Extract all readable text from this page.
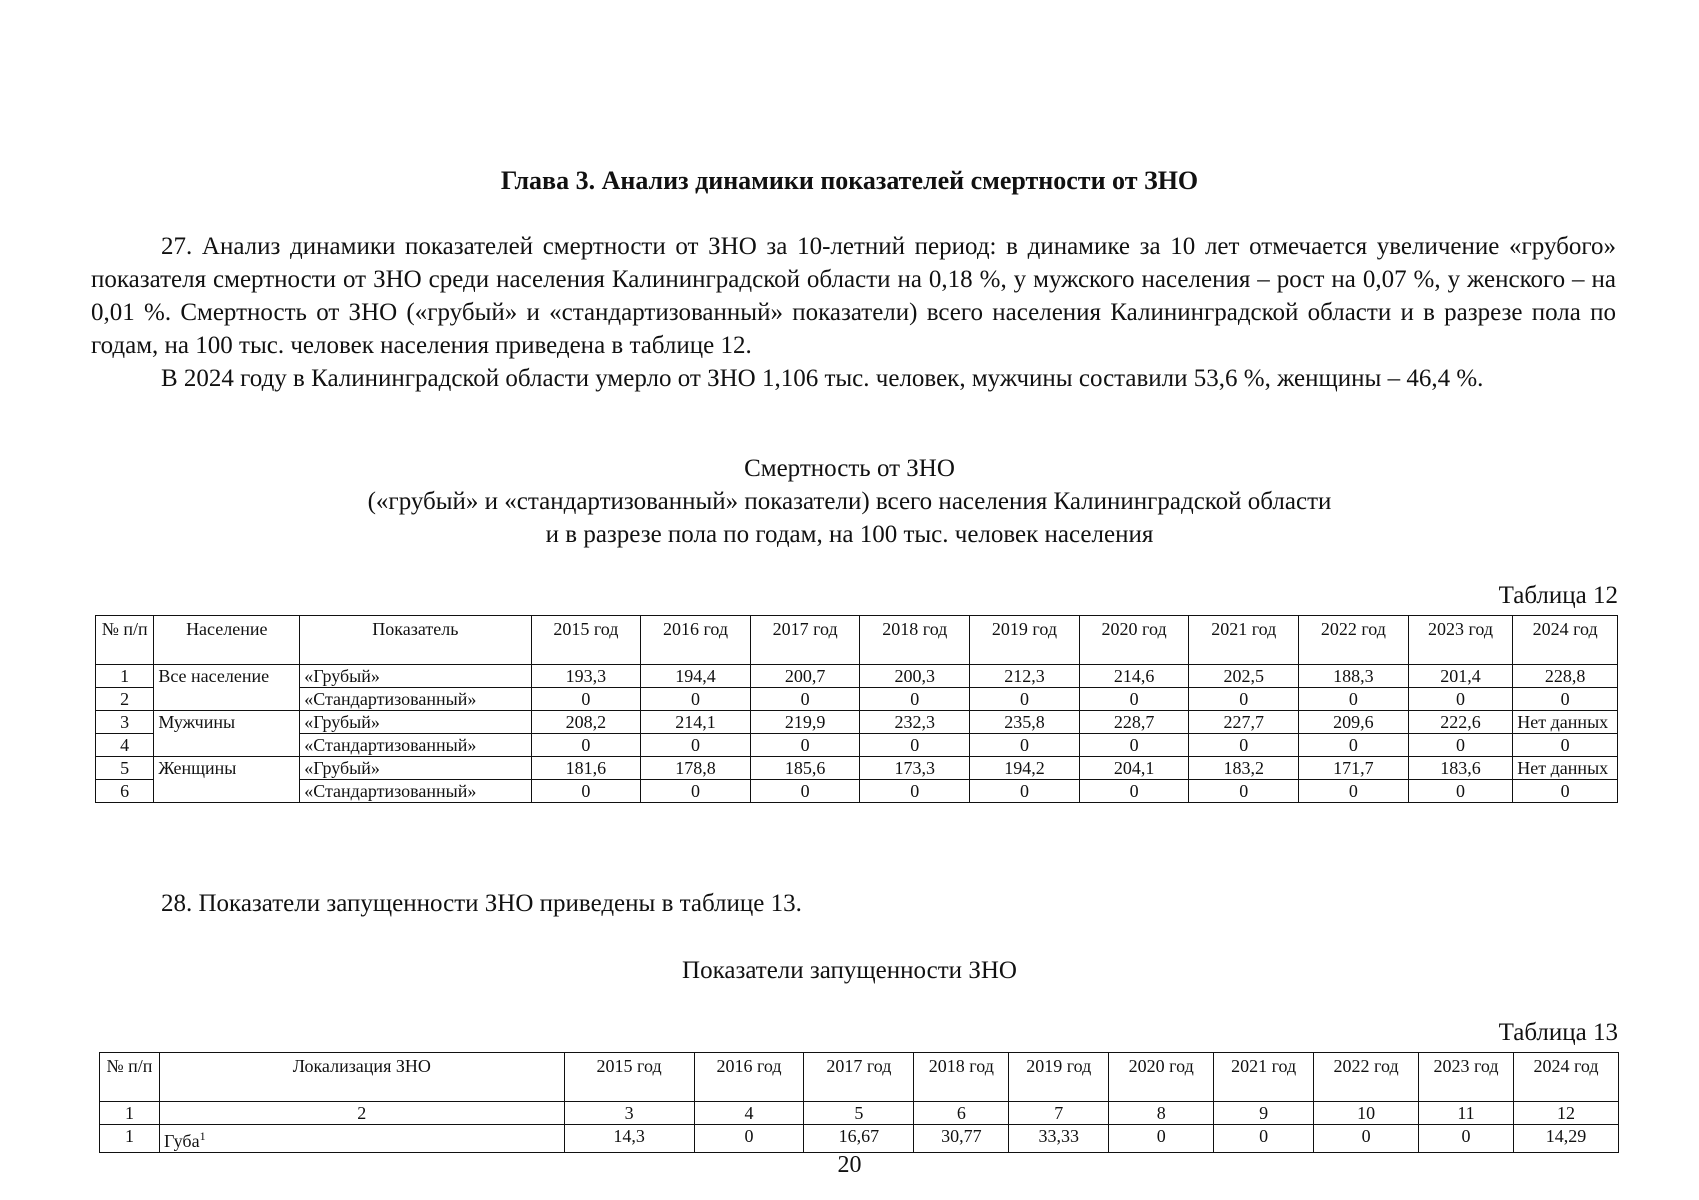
Глава 3. Анализ динамики показателей смертности от ЗНО

27. Анализ динамики показателей смертности от ЗНО за 10-летний период: в динамике за 10 лет отмечается увеличение «грубого» показателя смертности от ЗНО среди населения Калининградской области на 0,18 %, у мужского населения – рост на 0,07 %, у женского – на 0,01 %. Смертность от ЗНО («грубый» и «стандартизованный» показатели) всего населения Калининградской области и в разрезе пола по годам, на 100 тыс. человек населения приведена в таблице 12.

В 2024 году в Калининградской области умерло от ЗНО 1,106 тыс. человек, мужчины составили 53,6 %, женщины – 46,4 %.

Смертность от ЗНО
(«грубый» и «стандартизованный» показатели) всего населения Калининградской области
и в разрезе пола по годам, на 100 тыс. человек населения
Таблица 12
№ п/п	Население	Показатель	2015 год	2016 год	2017 год	2018 год	2019 год	2020 год	2021 год	2022 год	2023 год	2024 год
1	Все население	«Грубый»	193,3	194,4	200,7	200,3	212,3	214,6	202,5	188,3	201,4	228,8
2		«Стандартизованный»	0	0	0	0	0	0	0	0	0	0
3	Мужчины	«Грубый»	208,2	214,1	219,9	232,3	235,8	228,7	227,7	209,6	222,6	Нет данных
4		«Стандартизованный»	0	0	0	0	0	0	0	0	0	0
5	Женщины	«Грубый»	181,6	178,8	185,6	173,3	194,2	204,1	183,2	171,7	183,6	Нет данных
6		«Стандартизованный»	0	0	0	0	0	0	0	0	0	0

28. Показатели запущенности ЗНО приведены в таблице 13.

Показатели запущенности ЗНО
Таблица 13
№ п/п	Локализация ЗНО	2015 год	2016 год	2017 год	2018 год	2019 год	2020 год	2021 год	2022 год	2023 год	2024 год
1	2	3	4	5	6	7	8	9	10	11	12
1	Губа$^1$	14,3	0	16,67	30,77	33,33	0	0	0	0	14,29
20
